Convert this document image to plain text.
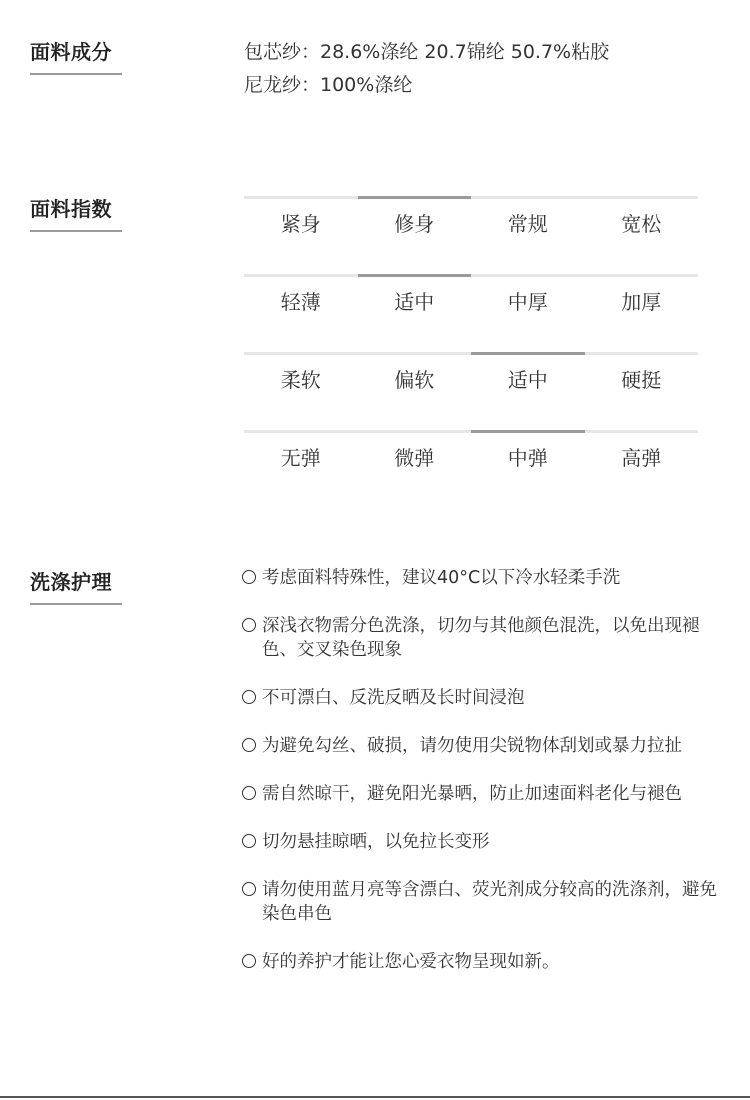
面料成分	包芯纱：28.6%涤纶 20.7锦纶 50.7%粘胶
尼龙纱：100%涤纶
面料指数
紧身	修身	常规	宽松
轻薄	适中	中厚	加厚
柔软	偏软	适中	硬挺
无弹	微弹	中弹	高弹
洗涤护理	考虑面料特殊性，建议40°C以下冷水轻柔手洗
深浅衣物需分色洗涤，切勿与其他颜色混洗，以免出现褪色、交叉染色现象
不可漂白、反洗反晒及长时间浸泡
为避免勾丝、破损，请勿使用尖锐物体刮划或暴力拉扯
需自然晾干，避免阳光暴晒，防止加速面料老化与褪色
切勿悬挂晾晒，以免拉长变形
请勿使用蓝月亮等含漂白、荧光剂成分较高的洗涤剂，避免染色串色
好的养护才能让您心爱衣物呈现如新。
